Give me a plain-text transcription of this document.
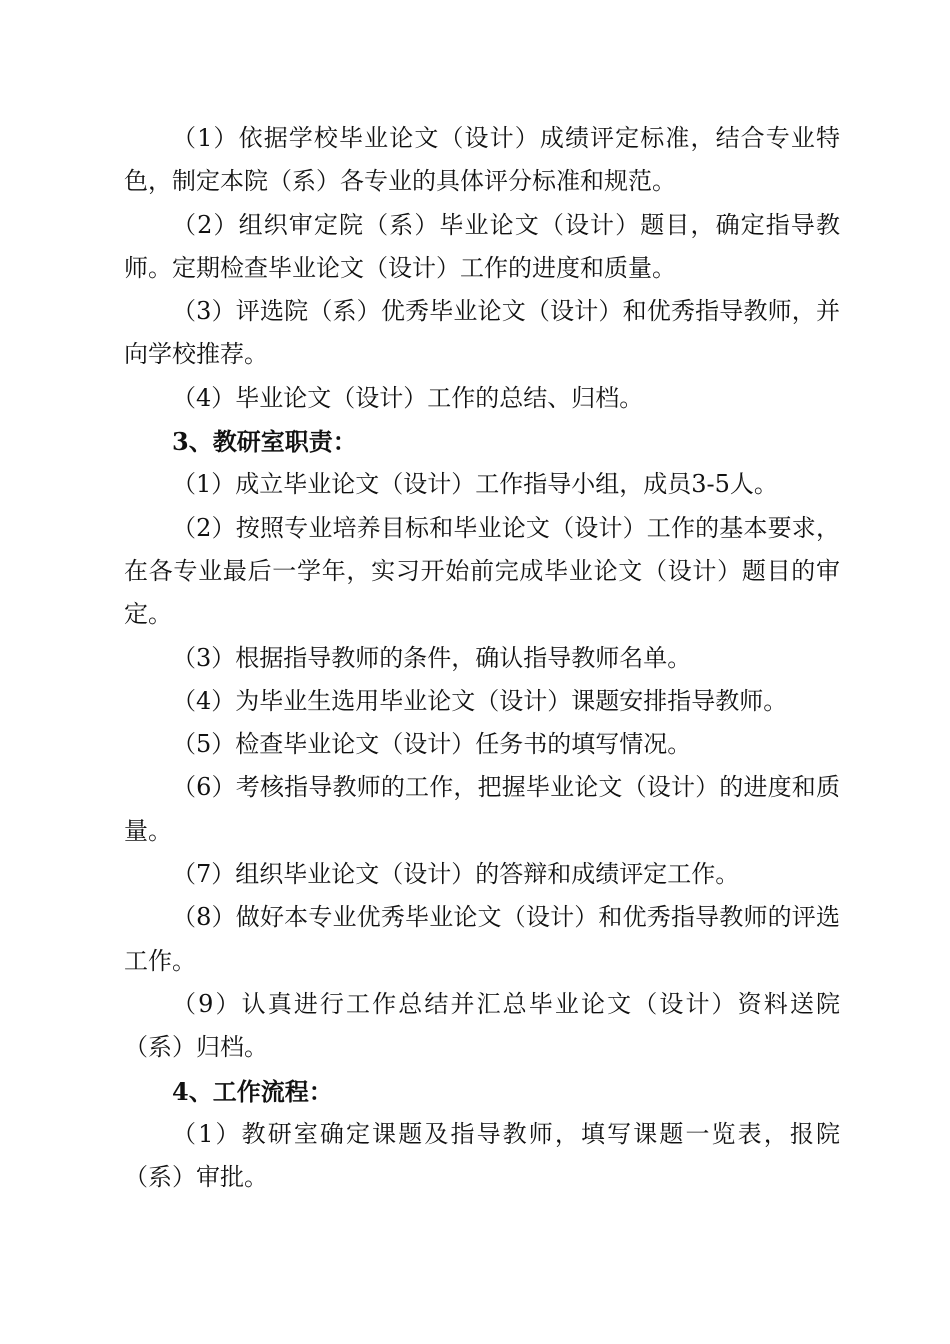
（1）依据学校毕业论文（设计）成绩评定标准，结合专业特色，制定本院（系）各专业的具体评分标准和规范。

（2）组织审定院（系）毕业论文（设计）题目，确定指导教师。定期检查毕业论文（设计）工作的进度和质量。

（3）评选院（系）优秀毕业论文（设计）和优秀指导教师，并向学校推荐。

（4）毕业论文（设计）工作的总结、归档。

3、教研室职责：

（1）成立毕业论文（设计）工作指导小组，成员3-5人。

（2）按照专业培养目标和毕业论文（设计）工作的基本要求，在各专业最后一学年，实习开始前完成毕业论文（设计）题目的审定。

（3）根据指导教师的条件，确认指导教师名单。

（4）为毕业生选用毕业论文（设计）课题安排指导教师。

（5）检查毕业论文（设计）任务书的填写情况。

（6）考核指导教师的工作，把握毕业论文（设计）的进度和质量。

（7）组织毕业论文（设计）的答辩和成绩评定工作。

（8）做好本专业优秀毕业论文（设计）和优秀指导教师的评选工作。

（9）认真进行工作总结并汇总毕业论文（设计）资料送院（系）归档。

4、工作流程：

（1）教研室确定课题及指导教师，填写课题一览表，报院（系）审批。
